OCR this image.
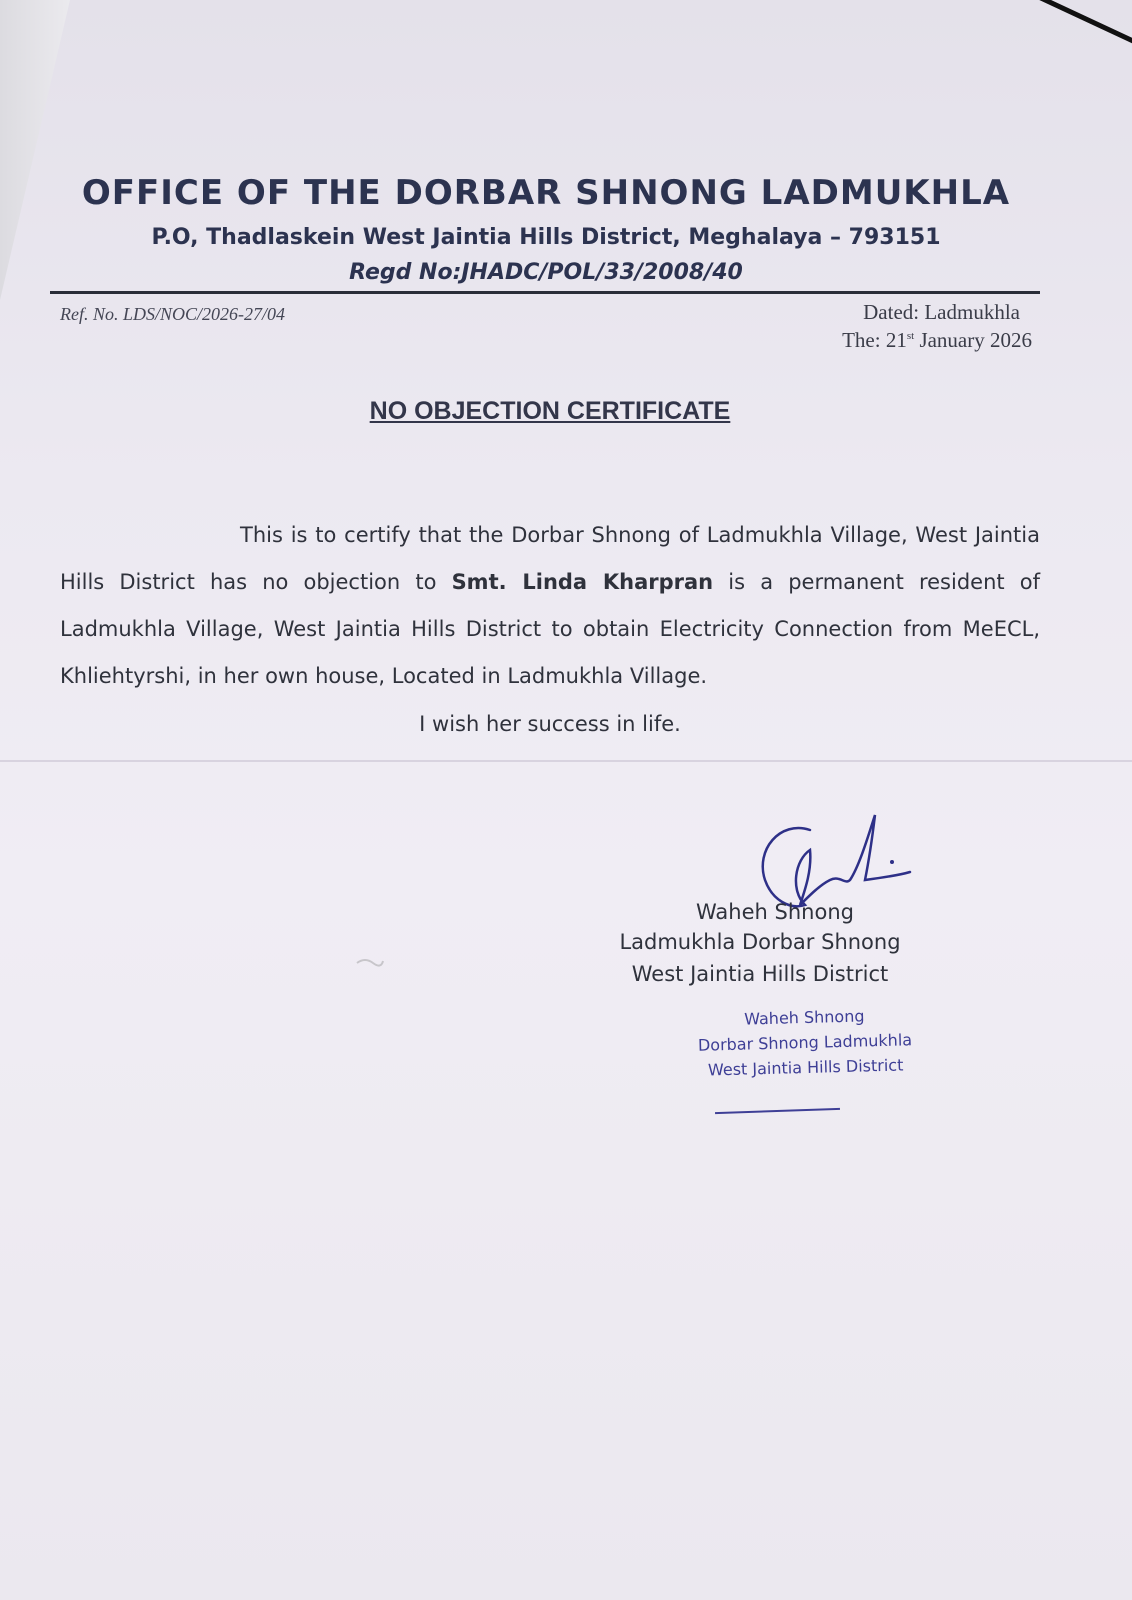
OFFICE OF THE DORBAR SHNONG LADMUKHLA
P.O, Thadlaskein West Jaintia Hills District, Meghalaya – 793151
Regd No:JHADC/POL/33/2008/40
Ref. No. LDS/NOC/2026-27/04	Dated: Ladmukhla
The: 21st January 2026
NO OBJECTION CERTIFICATE
This is to certify that the Dorbar Shnong of Ladmukhla Village, West Jaintia Hills District has no objection to Smt. Linda Kharpran is a permanent resident of Ladmukhla Village, West Jaintia Hills District to obtain Electricity Connection from MeECL, Khliehtyrshi, in her own house, Located in Ladmukhla Village.
I wish her success in life.
Waheh Shnong
Ladmukhla Dorbar Shnong
West Jaintia Hills District
Waheh Shnong
Dorbar Shnong Ladmukhla
West Jaintia Hills District
